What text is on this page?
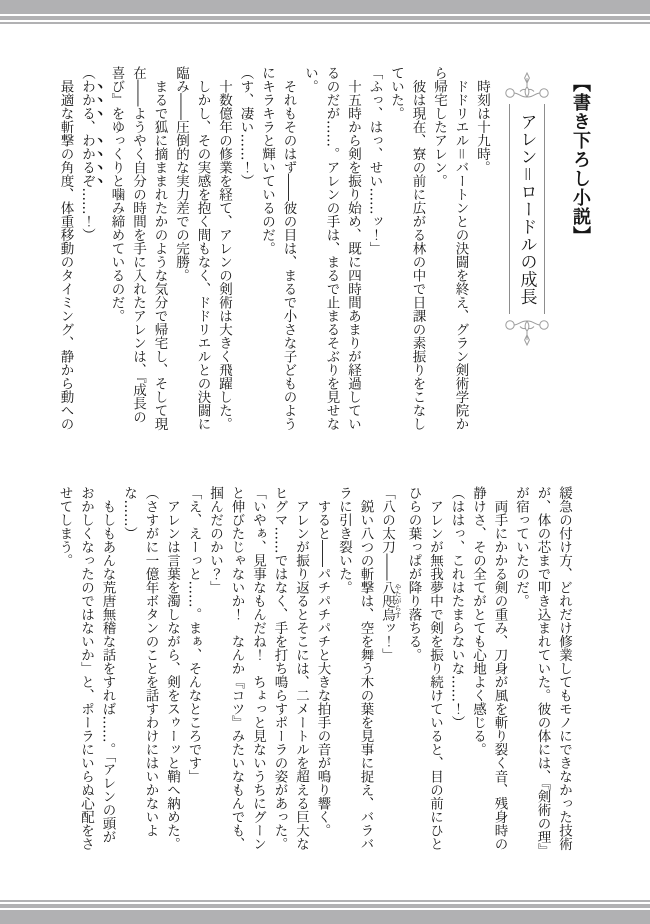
【書き下ろし小説】
アレン＝ロードルの成長

　時刻は十九時。

　ドドリエル＝バートンとの決闘を終え、グラン剣術学院から帰宅したアレン。

　彼は現在、寮の前に広がる林の中で日課の素振りをこなしていた。

「ふっ、はっ、せい……ッ！」

　十五時から剣を振り始め、既に四時間あまりが経過しているのだが……。アレンの手は、まるで止まるそぶりを見せない。

　それもそのはず――彼の目は、まるで小さな子どものようにキラキラと輝いているのだ。

（す、凄い……！）

　十数億年の修業を経て、アレンの剣術は大きく飛躍した。

　しかし、その実感を抱く間もなく、ドドリエルとの決闘に臨み――圧倒的な実力差での完勝。

　まるで狐に摘ままれたかのような気分で帰宅し、そして現在――ようやく自分の時間を手に入れたアレンは、『成長の喜び』をゆっくりと噛み締めているのだ。

（わかる、わかるぞ……！）

　最適な斬撃の角度、体重移動のタイミング、静から動への

緩急の付け方、どれだけ修業してもモノにできなかった技術が、体の芯まで叩き込まれていた。彼の体には、『剣術の理』が宿っていたのだ。

　両手にかかる剣の重み、刀身が風を斬り裂く音、残身時の静けさ、その全てがとても心地よく感じる。

（ははっ、これはたまらないな……！）

　アレンが無我夢中で剣を振り続けていると、目の前にひとひらの葉っぱが降り落ちる。

「八の太刀――八咫烏 やたがらすッ！」

　鋭い八つの斬撃は、空を舞う木の葉を見事に捉え、バラバラに引き裂いた。

　すると――パチパチパチと大きな拍手の音が鳴り響く。

　アレンが振り返るとそこには、二メートルを超える巨大なヒグマ……ではなく、手を打ち鳴らすポーラの姿があった。

「いやぁ、見事なもんだね！　ちょっと見ないうちにグーンと伸びたじゃないか！　なんか『コツ』みたいなもんでも、掴んだのかい？」

「え、えーっと……。まぁ、そんなところです」

　アレンは言葉を濁しながら、剣をスゥーッと鞘へ納めた。

（さすがに一億年ボタンのことを話すわけにはいかないよな……）

　もしもあんな荒唐無稽な話をすれば……。「アレンの頭がおかしくなったのではないか」と、ポーラにいらぬ心配をさせてしまう。
